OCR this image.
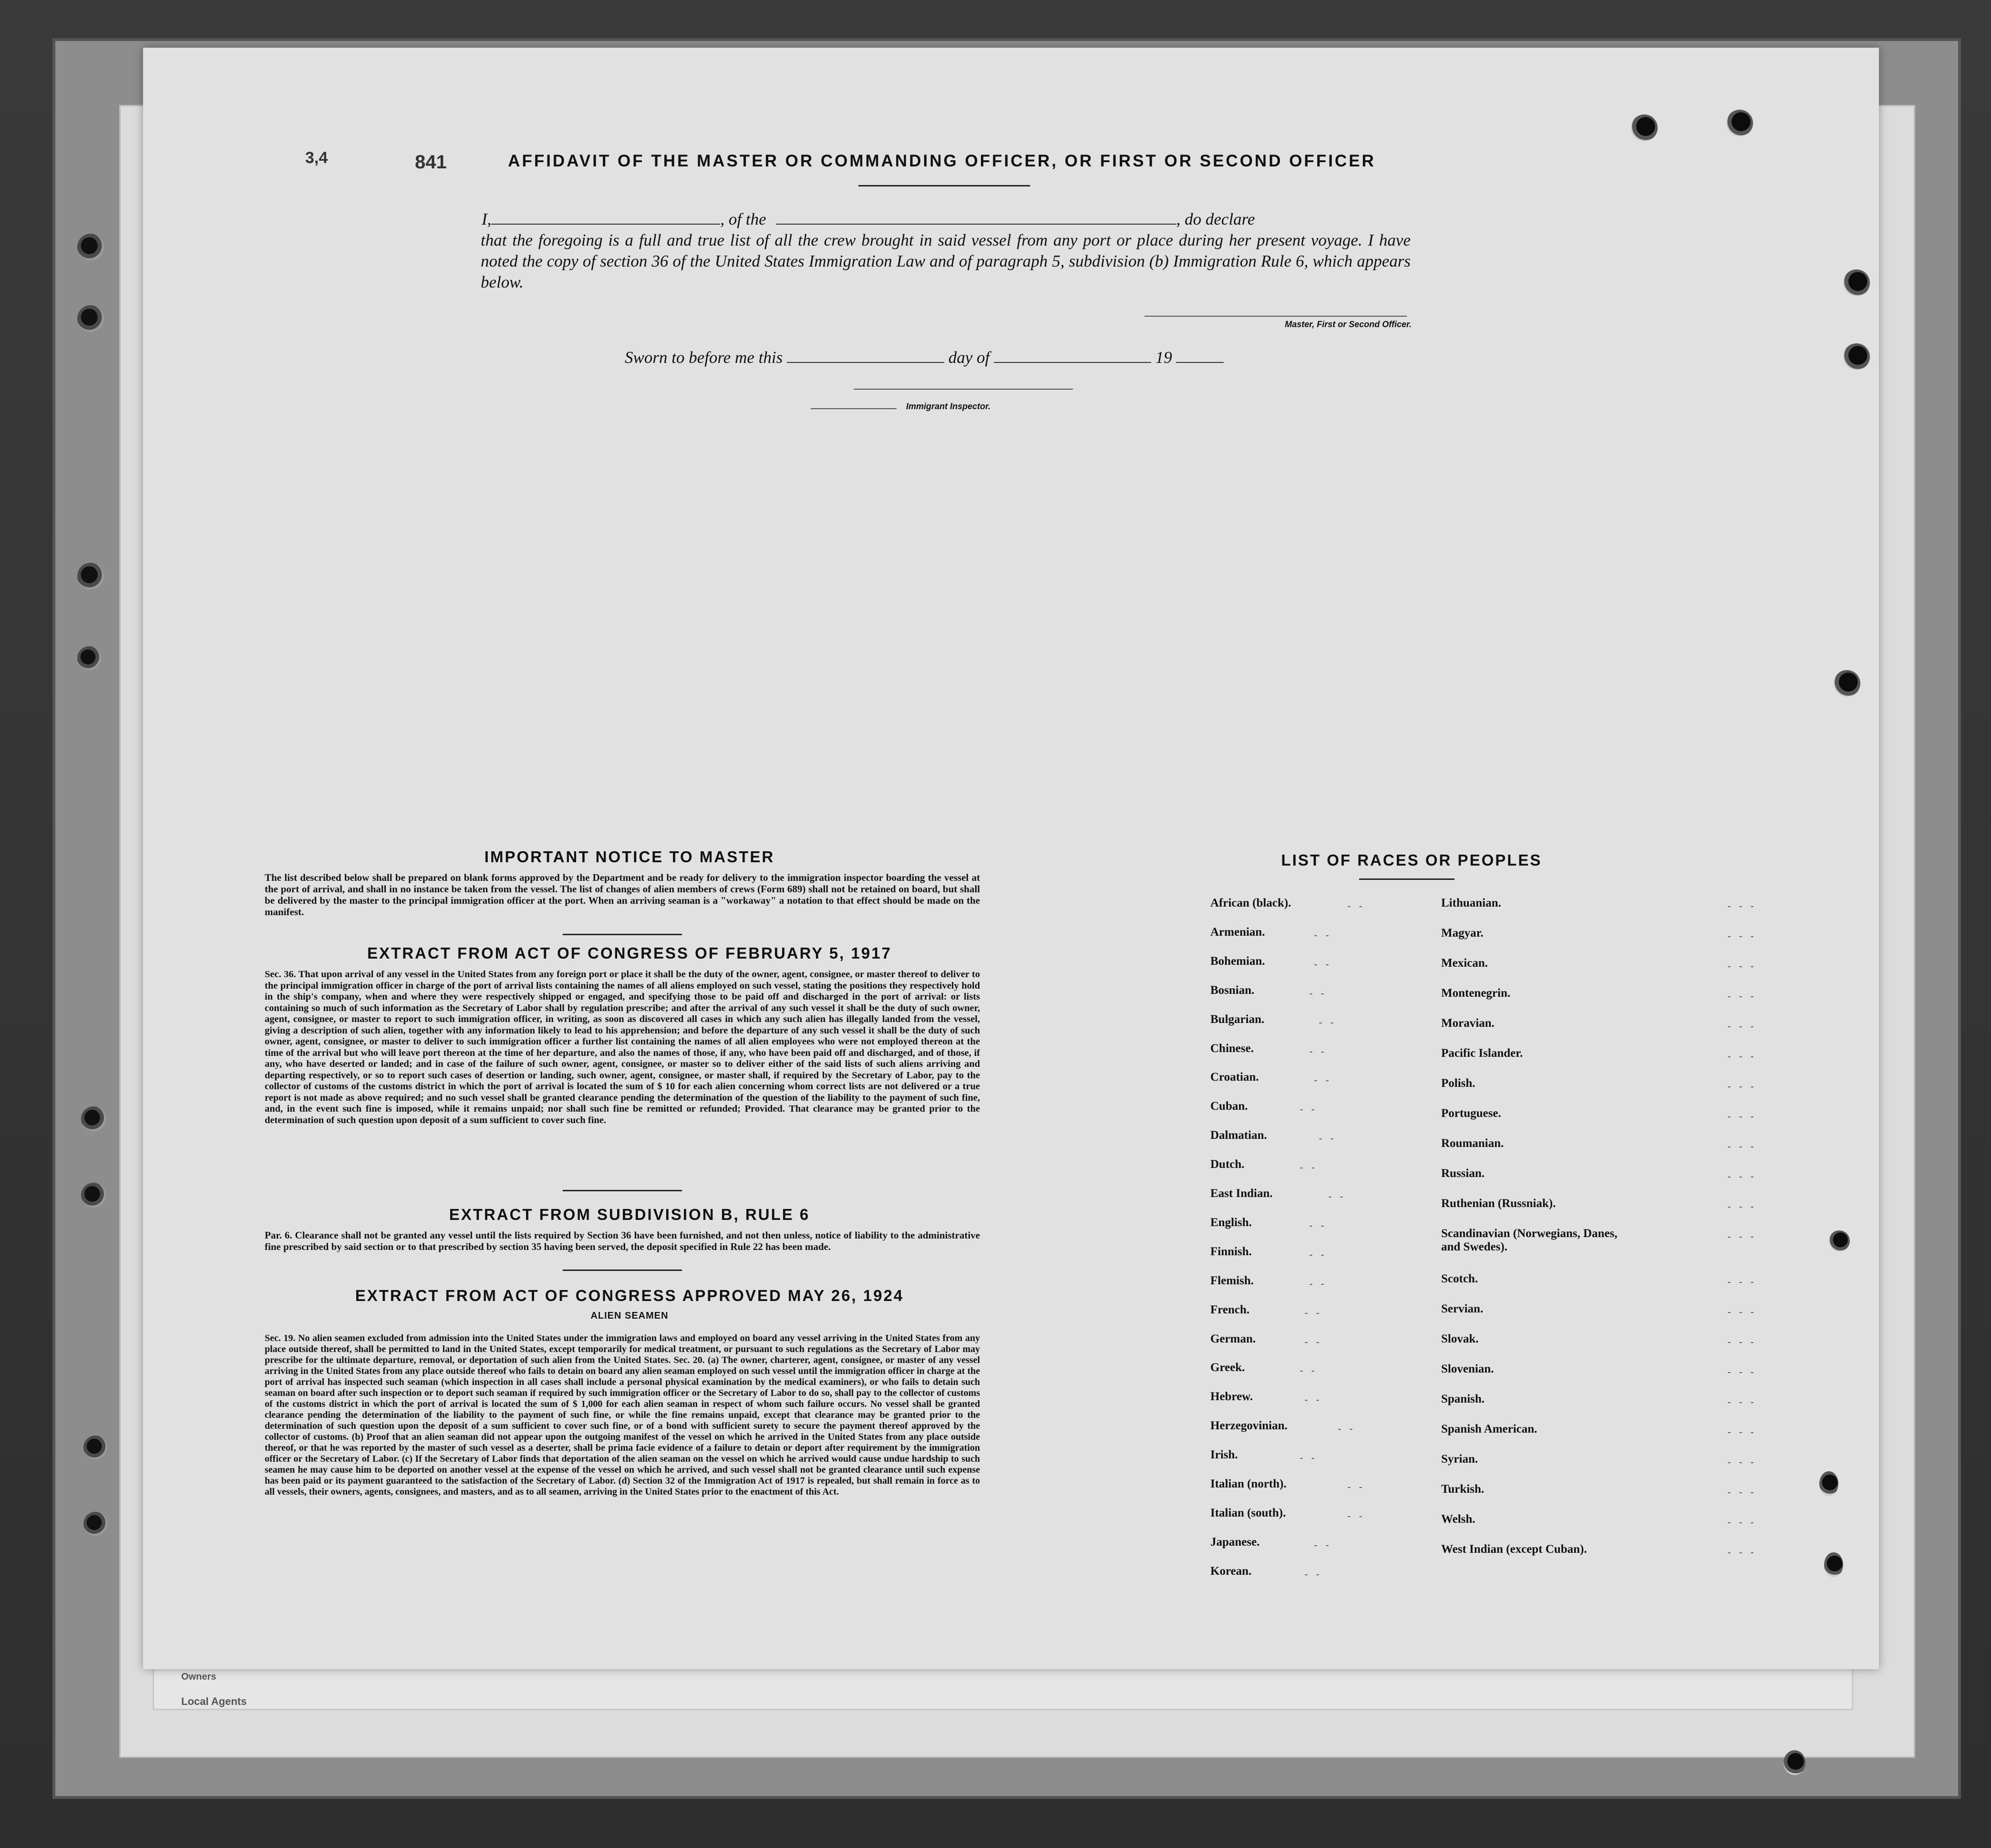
Owners
Local Agents
3,4	841	AFFIDAVIT OF THE MASTER OR COMMANDING OFFICER, OR FIRST OR SECOND OFFICER
I,	, of the	, do declare
that the foregoing is a full and true list of all the crew brought in said vessel from any port or place during her present voyage. I have noted the copy of section 36 of the United States Immigration Law and of paragraph 5, subdivision (b) Immigration Rule 6, which appears below.
Master, First or Second Officer.
Sworn to before me this	day of	19
Immigrant Inspector.
IMPORTANT NOTICE TO MASTER
The list described below shall be prepared on blank forms approved by the Department and be ready for delivery to the immigration inspector boarding the vessel at the port of arrival, and shall in no instance be taken from the vessel. The list of changes of alien members of crews (Form 689) shall not be retained on board, but shall be delivered by the master to the principal immigration officer at the port. When an arriving seaman is a "workaway" a notation to that effect should be made on the manifest.
EXTRACT FROM ACT OF CONGRESS OF FEBRUARY 5, 1917
Sec. 36. That upon arrival of any vessel in the United States from any foreign port or place it shall be the duty of the owner, agent, consignee, or master thereof to deliver to the principal immigration officer in charge of the port of arrival lists containing the names of all aliens employed on such vessel, stating the positions they respectively hold in the ship's company, when and where they were respectively shipped or engaged, and specifying those to be paid off and discharged in the port of arrival: or lists containing so much of such information as the Secretary of Labor shall by regulation prescribe; and after the arrival of any such vessel it shall be the duty of such owner, agent, consignee, or master to report to such immigration officer, in writing, as soon as discovered all cases in which any such alien has illegally landed from the vessel, giving a description of such alien, together with any information likely to lead to his apprehension; and before the departure of any such vessel it shall be the duty of such owner, agent, consignee, or master to deliver to such immigration officer a further list containing the names of all alien employees who were not employed thereon at the time of the arrival but who will leave port thereon at the time of her departure, and also the names of those, if any, who have been paid off and discharged, and of those, if any, who have deserted or landed; and in case of the failure of such owner, agent, consignee, or master so to deliver either of the said lists of such aliens arriving and departing respectively, or so to report such cases of desertion or landing, such owner, agent, consignee, or master shall, if required by the Secretary of Labor, pay to the collector of customs of the customs district in which the port of arrival is located the sum of $ 10 for each alien concerning whom correct lists are not delivered or a true report is not made as above required; and no such vessel shall be granted clearance pending the determination of the question of the liability to the payment of such fine, and, in the event such fine is imposed, while it remains unpaid; nor shall such fine be remitted or refunded; Provided. That clearance may be granted prior to the determination of such question upon deposit of a sum sufficient to cover such fine.
EXTRACT FROM SUBDIVISION B, RULE 6
Par. 6. Clearance shall not be granted any vessel until the lists required by Section 36 have been furnished, and not then unless, notice of liability to the administrative fine prescribed by said section or to that prescribed by section 35 having been served, the deposit specified in Rule 22 has been made.
EXTRACT FROM ACT OF CONGRESS APPROVED MAY 26, 1924
ALIEN SEAMEN
Sec. 19. No alien seamen excluded from admission into the United States under the immigration laws and employed on board any vessel arriving in the United States from any place outside thereof, shall be permitted to land in the United States, except temporarily for medical treatment, or pursuant to such regulations as the Secretary of Labor may prescribe for the ultimate departure, removal, or deportation of such alien from the United States. Sec. 20. (a) The owner, charterer, agent, consignee, or master of any vessel arriving in the United States from any place outside thereof who fails to detain on board any alien seaman employed on such vessel until the immigration officer in charge at the port of arrival has inspected such seaman (which inspection in all cases shall include a personal physical examination by the medical examiners), or who fails to detain such seaman on board after such inspection or to deport such seaman if required by such immigration officer or the Secretary of Labor to do so, shall pay to the collector of customs of the customs district in which the port of arrival is located the sum of $ 1,000 for each alien seaman in respect of whom such failure occurs. No vessel shall be granted clearance pending the determination of the liability to the payment of such fine, or while the fine remains unpaid, except that clearance may be granted prior to the determination of such question upon the deposit of a sum sufficient to cover such fine, or of a bond with sufficient surety to secure the payment thereof approved by the collector of customs. (b) Proof that an alien seaman did not appear upon the outgoing manifest of the vessel on which he arrived in the United States from any place outside thereof, or that he was reported by the master of such vessel as a deserter, shall be prima facie evidence of a failure to detain or deport after requirement by the immigration officer or the Secretary of Labor. (c) If the Secretary of Labor finds that deportation of the alien seaman on the vessel on which he arrived would cause undue hardship to such seamen he may cause him to be deported on another vessel at the expense of the vessel on which he arrived, and such vessel shall not be granted clearance until such expense has been paid or its payment guaranteed to the satisfaction of the Secretary of Labor. (d) Section 32 of the Immigration Act of 1917 is repealed, but shall remain in force as to all vessels, their owners, agents, consignees, and masters, and as to all seamen, arriving in the United States prior to the enactment of this Act.
LIST OF RACES OR PEOPLES
African (black).	- -
Armenian.	- -
Bohemian.	- -
Bosnian.	- -
Bulgarian.	- -
Chinese.	- -
Croatian.	- -
Cuban.	- -
Dalmatian.	- -
Dutch.	- -
East Indian.	- -
English.	- -
Finnish.	- -
Flemish.	- -
French.	- -
German.	- -
Greek.	- -
Hebrew.	- -
Herzegovinian.	- -
Irish.	- -
Italian (north).	- -
Italian (south).	- -
Japanese.	- -
Korean.	- -
Lithuanian.	- - -
Magyar.	- - -
Mexican.	- - -
Montenegrin.	- - -
Moravian.	- - -
Pacific Islander.	- - -
Polish.	- - -
Portuguese.	- - -
Roumanian.	- - -
Russian.	- - -
Ruthenian (Russniak).	- - -
Scandinavian (Norwegians, Danes, and Swedes).
- - -
Scotch.	- - -
Servian.	- - -
Slovak.	- - -
Slovenian.	- - -
Spanish.	- - -
Spanish American.	- - -
Syrian.	- - -
Turkish.	- - -
Welsh.	- - -
West Indian (except Cuban).	- - -
